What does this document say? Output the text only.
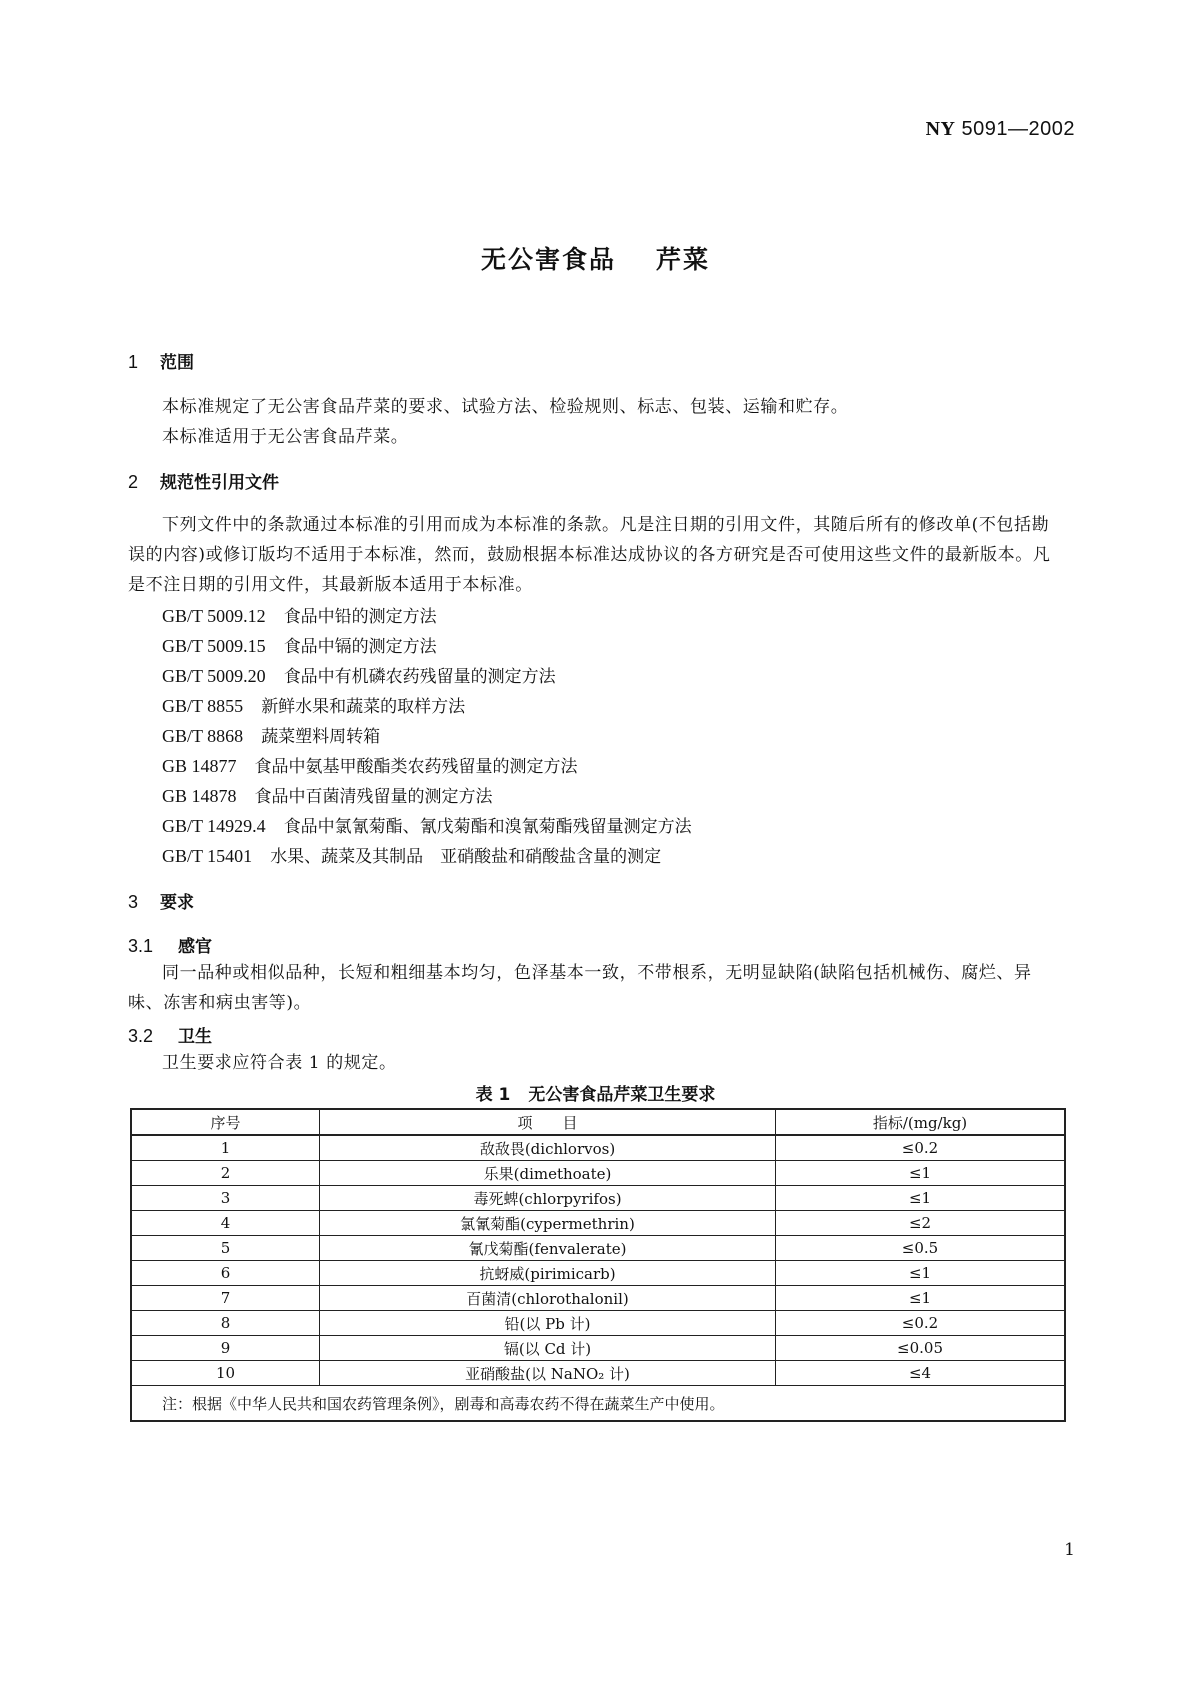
NY 5091—2002
无公害食品 芹菜
1 范围
本标准规定了无公害食品芹菜的要求、试验方法、检验规则、标志、包装、运输和贮存。
本标准适用于无公害食品芹菜。
2 规范性引用文件
下列文件中的条款通过本标准的引用而成为本标准的条款。凡是注日期的引用文件，其随后所有的修改单(不包括勘误的内容)或修订版均不适用于本标准，然而，鼓励根据本标准达成协议的各方研究是否可使用这些文件的最新版本。凡是不注日期的引用文件，其最新版本适用于本标准。
GB/T 5009.12 食品中铅的测定方法
GB/T 5009.15 食品中镉的测定方法
GB/T 5009.20 食品中有机磷农药残留量的测定方法
GB/T 8855 新鲜水果和蔬菜的取样方法
GB/T 8868 蔬菜塑料周转箱
GB 14877 食品中氨基甲酸酯类农药残留量的测定方法
GB 14878 食品中百菌清残留量的测定方法
GB/T 14929.4 食品中氯氰菊酯、氰戊菊酯和溴氰菊酯残留量测定方法
GB/T 15401 水果、蔬菜及其制品　亚硝酸盐和硝酸盐含量的测定
3 要求
3.1 感官
同一品种或相似品种，长短和粗细基本均匀，色泽基本一致，不带根系，无明显缺陷(缺陷包括机械伤、腐烂、异味、冻害和病虫害等)。
3.2 卫生
卫生要求应符合表 1 的规定。
表 1 无公害食品芹菜卫生要求
序号	项　　目	指标/(mg/kg)
1	敌敌畏(dichlorvos)	≤0.2
2	乐果(dimethoate)	≤1
3	毒死蜱(chlorpyrifos)	≤1
4	氯氰菊酯(cypermethrin)	≤2
5	氰戊菊酯(fenvalerate)	≤0.5
6	抗蚜威(pirimicarb)	≤1
7	百菌清(chlorothalonil)	≤1
8	铅(以 Pb 计)	≤0.2
9	镉(以 Cd 计)	≤0.05
10	亚硝酸盐(以 NaNO₂ 计)	≤4
注：根据《中华人民共和国农药管理条例》，剧毒和高毒农药不得在蔬菜生产中使用。		
1
